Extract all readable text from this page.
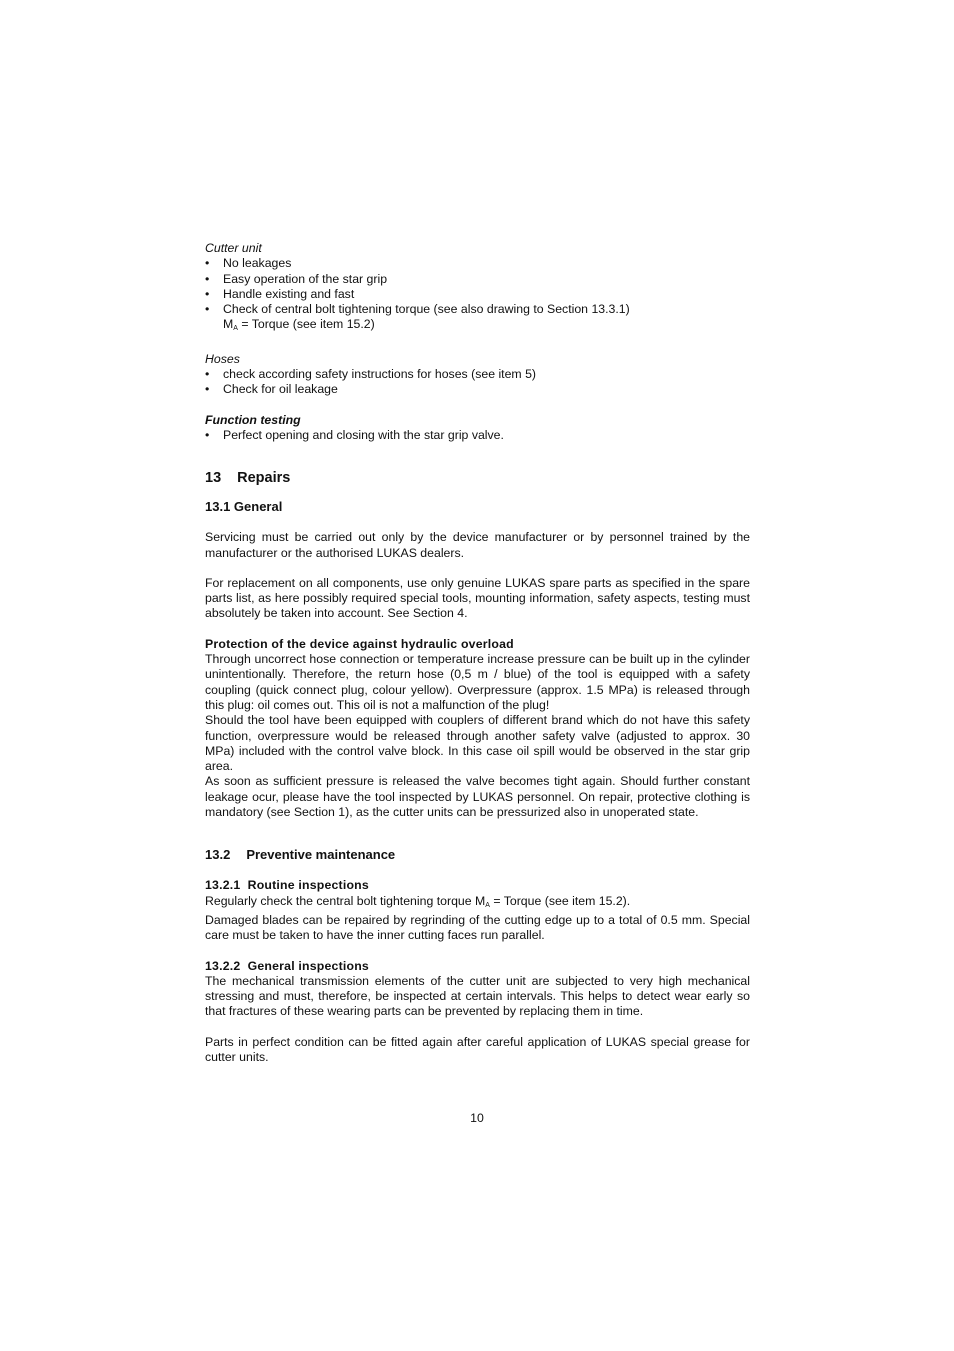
Cutter unit

• No leakages
• Easy operation of the star grip
• Handle existing and fast
• Check of central bolt tightening torque (see also drawing to Section 13.3.1)

$M_A$ = Torque (see item 15.2)

Hoses

• check according safety instructions for hoses (see item 5)
• Check for oil leakage

Function testing

• Perfect opening and closing with the star grip valve.

13 Repairs

13.1 General

Servicing must be carried out only by the device manufacturer or by personnel trained by the manufacturer or the authorised LUKAS dealers.

For replacement on all components, use only genuine LUKAS spare parts as specified in the spare parts list, as here possibly required special tools, mounting information, safety aspects, testing must absolutely be taken into account. See Section 4.

Protection of the device against hydraulic overload

Through uncorrect hose connection or temperature increase pressure can be built up in the cylinder unintentionally. Therefore, the return hose (0,5 m / blue) of the tool is equipped with a safety coupling (quick connect plug, colour yellow). Overpressure (approx. 1.5 MPa) is released through this plug: oil comes out. This oil is not a malfunction of the plug!

Should the tool have been equipped with couplers of different brand which do not have this safety function, overpressure would be released through another safety valve (adjusted to approx. 30 MPa) included with the control valve block. In this case oil spill would be observed in the star grip area.

As soon as sufficient pressure is released the valve becomes tight again. Should further constant leakage ocur, please have the tool inspected by LUKAS personnel. On repair, protective clothing is mandatory (see Section 1), as the cutter units can be pressurized also in unoperated state.

13.2 Preventive maintenance

13.2.1  Routine inspections

Regularly check the central bolt tightening torque $M_A$ = Torque (see item 15.2).

Damaged blades can be repaired by regrinding of the cutting edge up to a total of 0.5 mm. Special care must be taken to have the inner cutting faces run parallel.

13.2.2  General inspections

The mechanical transmission elements of the cutter unit are subjected to very high mechanical stressing and must, therefore, be inspected at certain intervals. This helps to detect wear early so that fractures of these wearing parts can be prevented by replacing them in time.

Parts in perfect condition can be fitted again after careful application of LUKAS special grease for cutter units.

10
